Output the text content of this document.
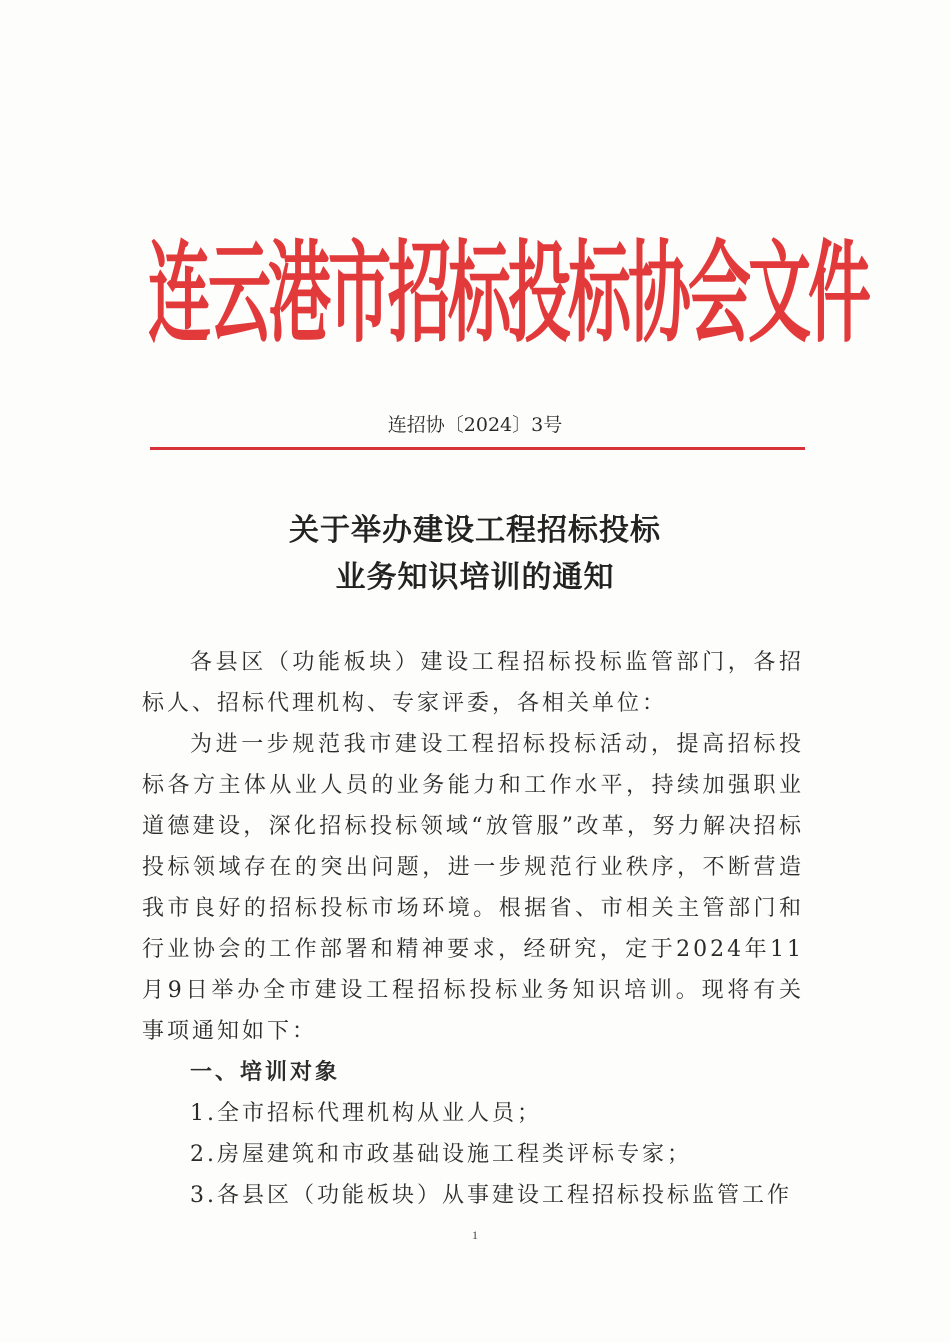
连云港市招标投标协会文件
连招协〔2024〕3号
关于举办建设工程招标投标
业务知识培训的通知

各县区（功能板块）建设工程招标投标监管部门，各招标人、招标代理机构、专家评委，各相关单位：

为进一步规范我市建设工程招标投标活动，提高招标投标各方主体从业人员的业务能力和工作水平，持续加强职业道德建设，深化招标投标领域“放管服”改革，努力解决招标投标领域存在的突出问题，进一步规范行业秩序，不断营造我市良好的招标投标市场环境。根据省、市相关主管部门和行业协会的工作部署和精神要求，经研究，定于2024年11月9日举办全市建设工程招标投标业务知识培训。现将有关事项通知如下：

一、培训对象

1.全市招标代理机构从业人员；

2.房屋建筑和市政基础设施工程类评标专家；

3.各县区（功能板块）从事建设工程招标投标监管工作

1
